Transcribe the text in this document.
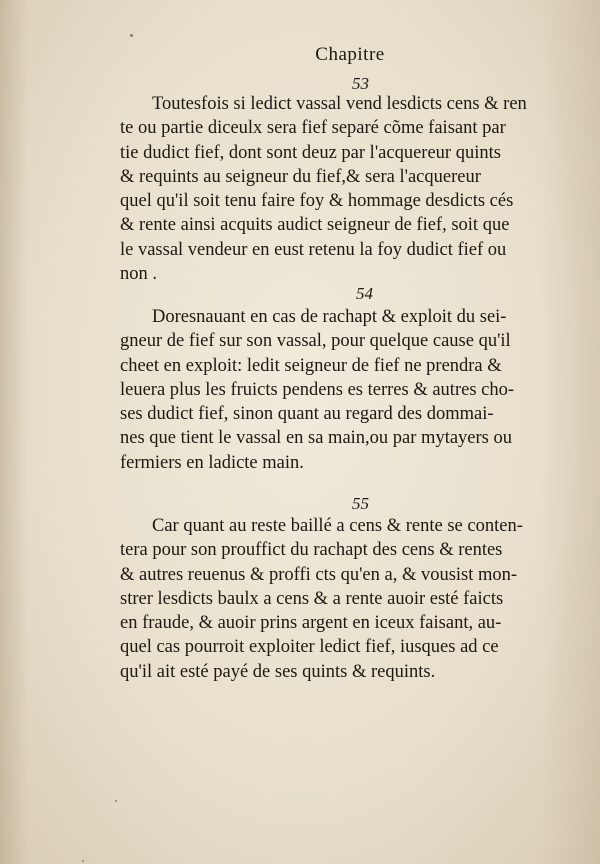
Chapitre
53
Toutesfois si ledict vassal vend lesdicts cens & ren
te ou partie diceulx sera fief separé cõme faisant par
tie dudict fief, dont sont deuz par l'acquereur quints
& requints au seigneur du fief,& sera l'acquereur
quel qu'il soit tenu faire foy & hommage desdicts cés
& rente ainsi acquits audict seigneur de fief, soit que
le vassal vendeur en eust retenu la foy dudict fief ou
non .
54
Doresnauant en cas de rachapt & exploit du sei-
gneur de fief sur son vassal, pour quelque cause qu'il
cheet en exploit: ledit seigneur de fief ne prendra &
leuera plus les fruicts pendens es terres & autres cho-
ses dudict fief, sinon quant au regard des dommai-
nes que tient le vassal en sa main,ou par mytayers ou
fermiers en ladicte main.
55
Car quant au reste baillé a cens & rente se conten-
tera pour son prouffict du rachapt des cens & rentes
& autres reuenus & proffi cts qu'en a, & vousist mon-
strer lesdicts baulx a cens & a rente auoir esté faicts
en fraude, & auoir prins argent en iceux faisant, au-
quel cas pourroit exploiter ledict fief, iusques ad ce
qu'il ait esté payé de ses quints & requints.
